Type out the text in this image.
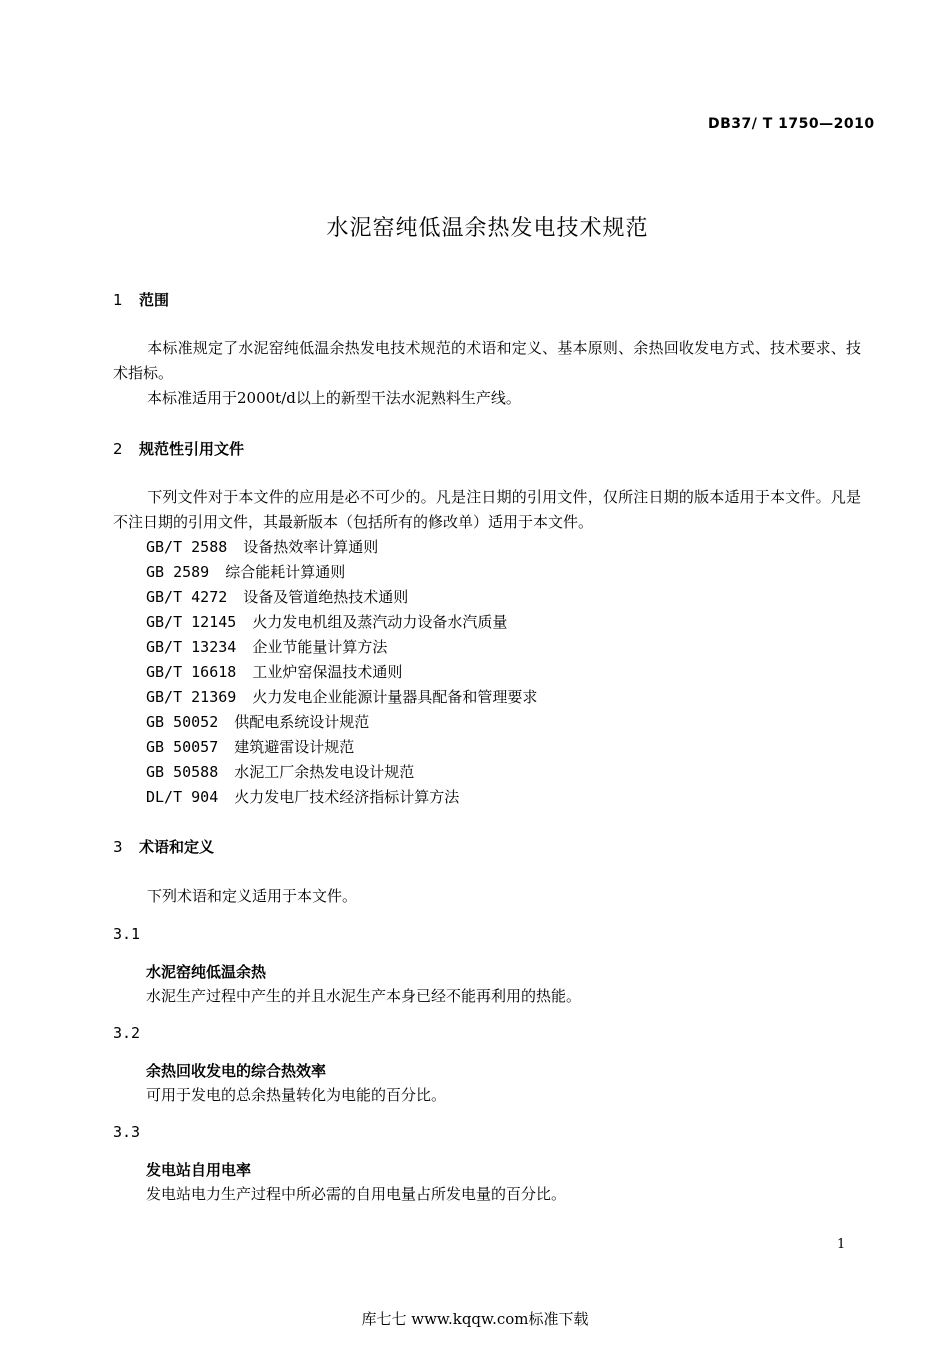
DB37/ T 1750—2010
水泥窑纯低温余热发电技术规范
1 范围
本标准规定了水泥窑纯低温余热发电技术规范的术语和定义、基本原则、余热回收发电方式、技术要求、技术指标。
本标准适用于2000t/d以上的新型干法水泥熟料生产线。
2 规范性引用文件
下列文件对于本文件的应用是必不可少的。凡是注日期的引用文件，仅所注日期的版本适用于本文件。凡是不注日期的引用文件，其最新版本（包括所有的修改单）适用于本文件。
GB/T 2588 设备热效率计算通则
GB 2589 综合能耗计算通则
GB/T 4272 设备及管道绝热技术通则
GB/T 12145 火力发电机组及蒸汽动力设备水汽质量
GB/T 13234 企业节能量计算方法
GB/T 16618 工业炉窑保温技术通则
GB/T 21369 火力发电企业能源计量器具配备和管理要求
GB 50052 供配电系统设计规范
GB 50057 建筑避雷设计规范
GB 50588 水泥工厂余热发电设计规范
DL/T 904 火力发电厂技术经济指标计算方法
3 术语和定义
下列术语和定义适用于本文件。
3.1
水泥窑纯低温余热
水泥生产过程中产生的并且水泥生产本身已经不能再利用的热能。
3.2
余热回收发电的综合热效率
可用于发电的总余热量转化为电能的百分比。
3.3
发电站自用电率
发电站电力生产过程中所必需的自用电量占所发电量的百分比。
1
库七七 www.kqqw.com标准下载
